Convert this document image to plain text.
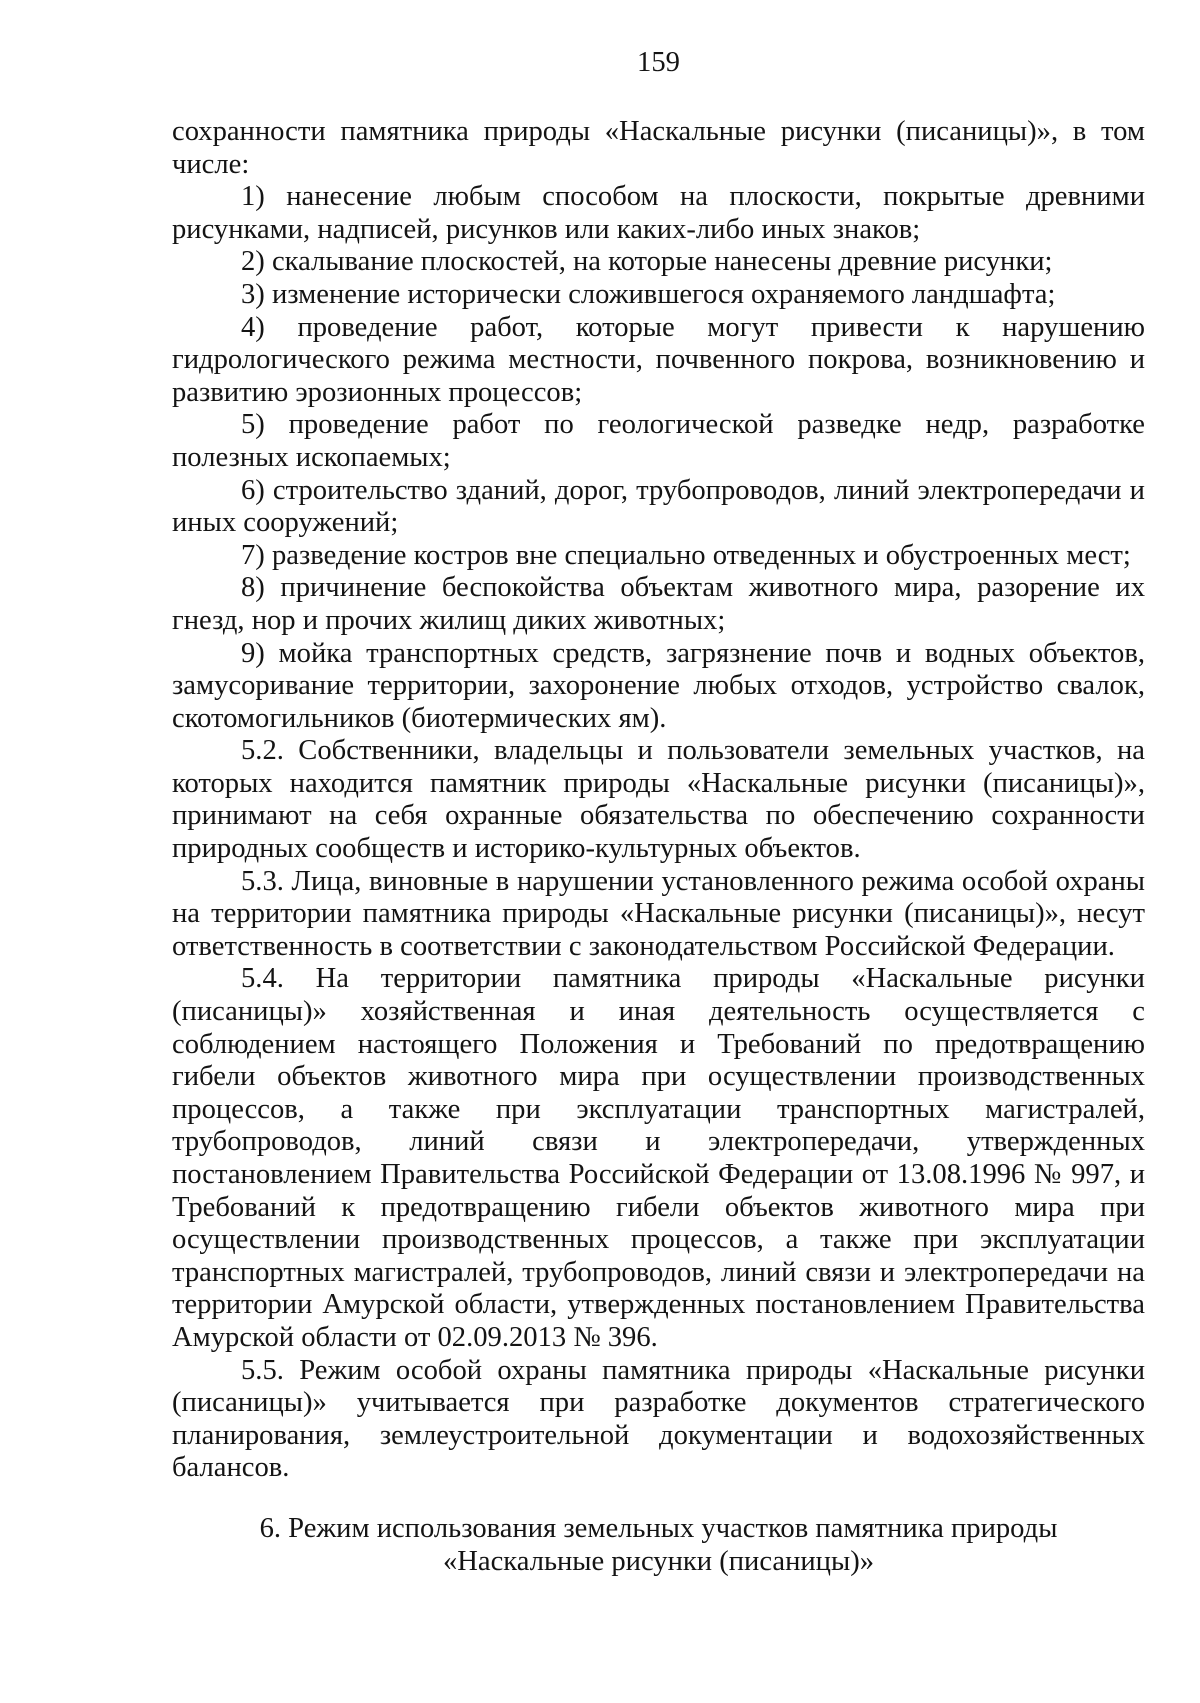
159

сохранности памятника природы «Наскальные рисунки (писаницы)», в том числе:

1) нанесение любым способом на плоскости, покрытые древними рисунками, надписей, рисунков или каких-либо иных знаков;

2) скалывание плоскостей, на которые нанесены древние рисунки;

3) изменение исторически сложившегося охраняемого ландшафта;

4) проведение работ, которые могут привести к нарушению гидрологического режима местности, почвенного покрова, возникновению и развитию эрозионных процессов;

5) проведение работ по геологической разведке недр, разработке полезных ископаемых;

6) строительство зданий, дорог, трубопроводов, линий электропередачи и иных сооружений;

7) разведение костров вне специально отведенных и обустроенных мест;

8) причинение беспокойства объектам животного мира, разорение их гнезд, нор и прочих жилищ диких животных;

9) мойка транспортных средств, загрязнение почв и водных объектов, замусоривание территории, захоронение любых отходов, устройство свалок, скотомогильников (биотермических ям).

5.2. Собственники, владельцы и пользователи земельных участков, на которых находится памятник природы «Наскальные рисунки (писаницы)», принимают на себя охранные обязательства по обеспечению сохранности природных сообществ и историко-культурных объектов.

5.3. Лица, виновные в нарушении установленного режима особой охраны на территории памятника природы «Наскальные рисунки (писаницы)», несут ответственность в соответствии с законодательством Российской Федерации.

5.4. На территории памятника природы «Наскальные рисунки (писаницы)» хозяйственная и иная деятельность осуществляется с соблюдением настоящего Положения и Требований по предотвращению гибели объектов животного мира при осуществлении производственных процессов, а также при эксплуатации транспортных магистралей, трубопроводов, линий связи и электропередачи, утвержденных постановлением Правительства Российской Федерации от 13.08.1996 № 997, и Требований к предотвращению гибели объектов животного мира при осуществлении производственных процессов, а также при эксплуатации транспортных магистралей, трубопроводов, линий связи и электропередачи на территории Амурской области, утвержденных постановлением Правительства Амурской области от 02.09.2013 № 396.

5.5. Режим особой охраны памятника природы «Наскальные рисунки (писаницы)» учитывается при разработке документов стратегического планирования, землеустроительной документации и водохозяйственных балансов.

6. Режим использования земельных участков памятника природы
«Наскальные рисунки (писаницы)»
